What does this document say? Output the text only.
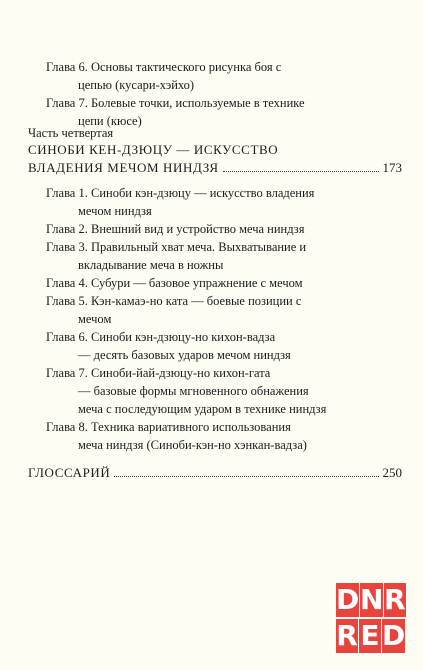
Глава 6. Основы тактического рисунка боя с
цепью (кусари-хэйхо)
Глава 7. Болевые точки, используемые в технике
цепи (кюсе)
Часть четвертая
СИНОБИ КЕН-ДЗЮЦУ — ИСКУССТВО
ВЛАДЕНИЯ МЕЧОМ НИНДЗЯ	173
Глава 1. Синоби кэн-дзюцу — искусство владения
мечом ниндзя
Глава 2. Внешний вид и устройство меча ниндзя
Глава 3. Правильный хват меча. Выхватывание и
вкладывание меча в ножны
Глава 4. Субури — базовое упражнение с мечом
Глава 5. Кэн-камаэ-но ката — боевые позиции с
мечом
Глава 6. Синоби кэн-дзюцу-но кихон-вадза
— десять базовых ударов мечом ниндзя
Глава 7. Синоби-йай-дзюцу-но кихон-гата
— базовые формы мгновенного обнажения
меча с последующим ударом в технике ниндзя
Глава 8. Техника вариативного использования
меча ниндзя (Синоби-кэн-но хэнкан-вадза)
ГЛОССАРИЙ	250
D N R
R E D
